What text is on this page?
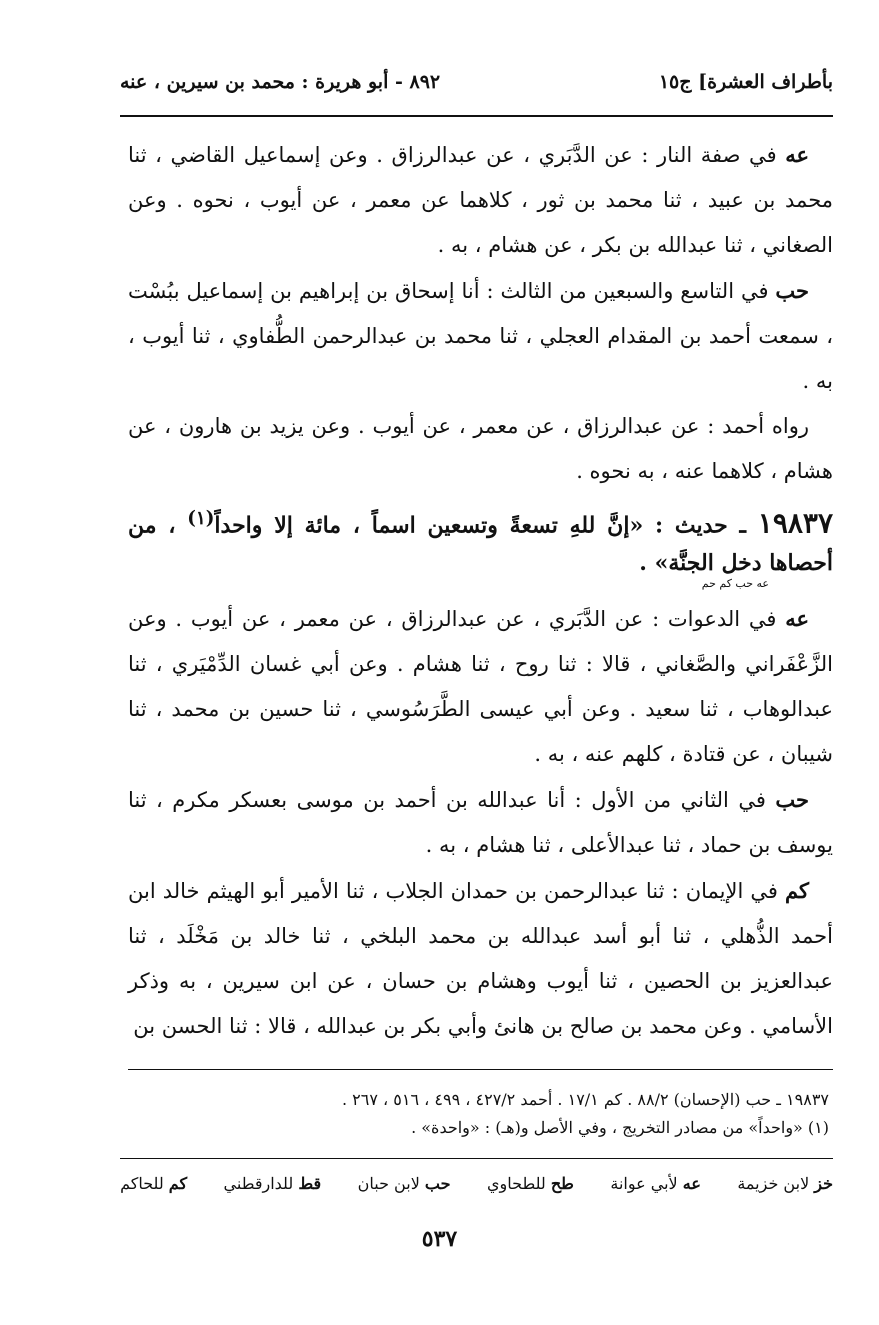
بأطراف العشرة] ج١٥
٨٩٢ - أبو هريرة : محمد بن سيرين ، عنه

عه في صفة النار : عن الدَّبَري ، عن عبدالرزاق . وعن إسماعيل القاضي ، ثنا محمد بن عبيد ، ثنا محمد بن ثور ، كلاهما عن معمر ، عن أيوب ، نحوه . وعن الصغاني ، ثنا عبدالله بن بكر ، عن هشام ، به .

حب في التاسع والسبعين من الثالث : أنا إسحاق بن إبراهيم بن إسماعيل ببُسْت ، سمعت أحمد بن المقدام العجلي ، ثنا محمد بن عبدالرحمن الطُّفاوي ، ثنا أيوب ، به .

رواه أحمد : عن عبدالرزاق ، عن معمر ، عن أيوب . وعن يزيد بن هارون ، عن هشام ، كلاهما عنه ، به نحوه .

١٩٨٣٧ ـ حديث : «إنَّ للهِ تسعةً وتسعين اسماً ، مائة إلا واحداً$^{(١)}$ ، من أحصاها دخل الجنَّة» .
عه حب كم حم

عه في الدعوات : عن الدَّبَري ، عن عبدالرزاق ، عن معمر ، عن أيوب . وعن الزَّعْفَراني والصَّغاني ، قالا : ثنا روح ، ثنا هشام . وعن أبي غسان الدِّمْيَري ، ثنا عبدالوهاب ، ثنا سعيد . وعن أبي عيسى الطَّرَسُوسي ، ثنا حسين بن محمد ، ثنا شيبان ، عن قتادة ، كلهم عنه ، به .

حب في الثاني من الأول : أنا عبدالله بن أحمد بن موسى بعسكر مكرم ، ثنا يوسف بن حماد ، ثنا عبدالأعلى ، ثنا هشام ، به .

كم في الإيمان : ثنا عبدالرحمن بن حمدان الجلاب ، ثنا الأمير أبو الهيثم خالد ابن أحمد الذُّهلي ، ثنا أبو أسد عبدالله بن محمد البلخي ، ثنا خالد بن مَخْلَد ، ثنا عبدالعزيز بن الحصين ، ثنا أيوب وهشام بن حسان ، عن ابن سيرين ، به وذكر الأسامي . وعن محمد بن صالح بن هانئ وأبي بكر بن عبدالله ، قالا : ثنا الحسن بن

١٩٨٣٧ ـ حب (الإحسان) ٨٨/٢ . كم ١٧/١ . أحمد ٤٢٧/٢ ، ٤٩٩ ، ٥١٦ ، ٢٦٧ .
(١) «واحداً» من مصادر التخريج ، وفي الأصل و(هـ) : «واحدة» .
خز لابن خزيمة
عه لأبي عوانة
طح للطحاوي
حب لابن حبان
قط للدارقطني
كم للحاكم
٥٣٧
